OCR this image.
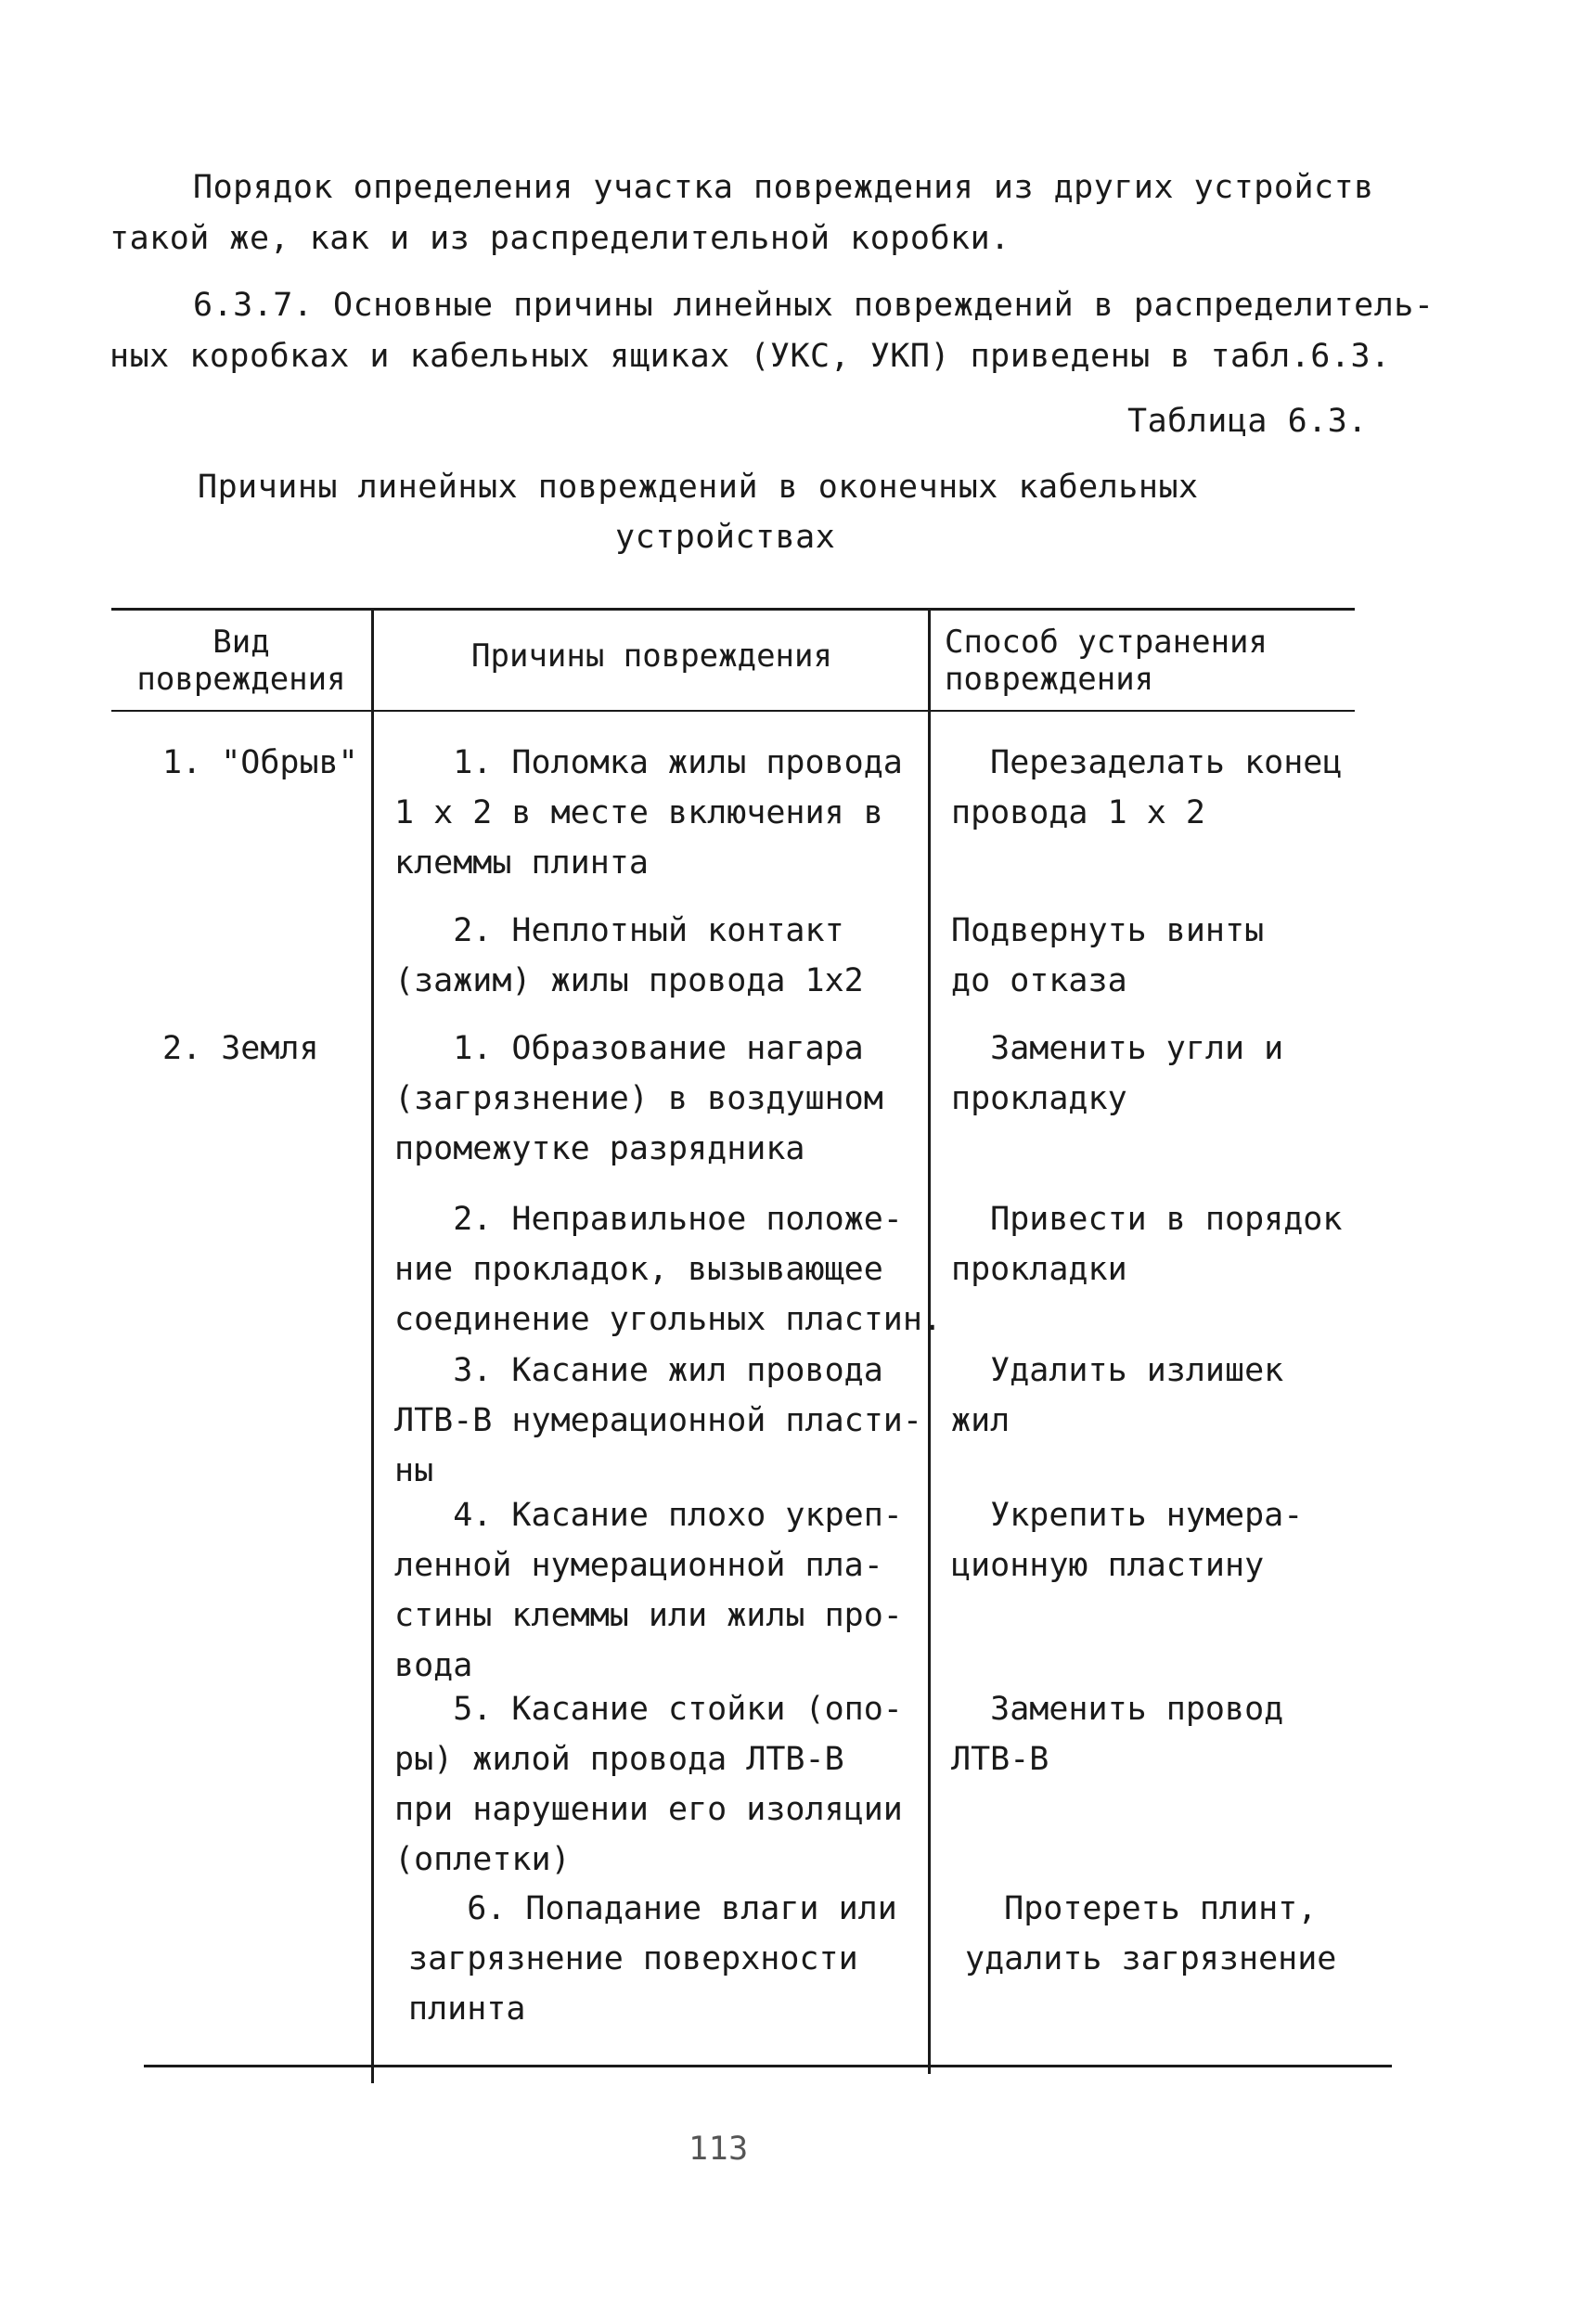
Порядок определения участка повреждения из других устройств
такой же, как и из распределительной коробки.
6.3.7. Основные причины линейных повреждений в распределитель-
ных коробках и кабельных ящиках (УКС, УКП) приведены в табл.6.3.
Таблица 6.3.
Причины линейных повреждений в оконечных кабельных
устройствах
Вид
повреждения
Причины повреждения	Способ устранения
повреждения
1. "Обрыв" 1. Поломка жилы провода
1 х 2 в месте включения в
клеммы плинта
Перезаделать конец
провода 1 х 2
2. Неплотный контакт
(зажим) жилы провода 1х2
Подвернуть винты
до отказа
2. Земля 1. Образование нагара
(загрязнение) в воздушном
промежутке разрядника
Заменить угли и
прокладку
2. Неправильное положе-
ние прокладок, вызывающее
соединение угольных пластин.
Привести в порядок
прокладки
3. Касание жил провода
ЛТВ-В нумерационной пласти-
ны
Удалить излишек
жил
4. Касание плохо укреп-
ленной нумерационной пла-
стины клеммы или жилы про-
вода
Укрепить нумера-
ционную пластину
5. Касание стойки (опо-
ры) жилой провода ЛТВ-В
при нарушении его изоляции
(оплетки)
Заменить провод
ЛТВ-В
6. Попадание влаги или
загрязнение поверхности
плинта
Протереть плинт,
удалить загрязнение
113
